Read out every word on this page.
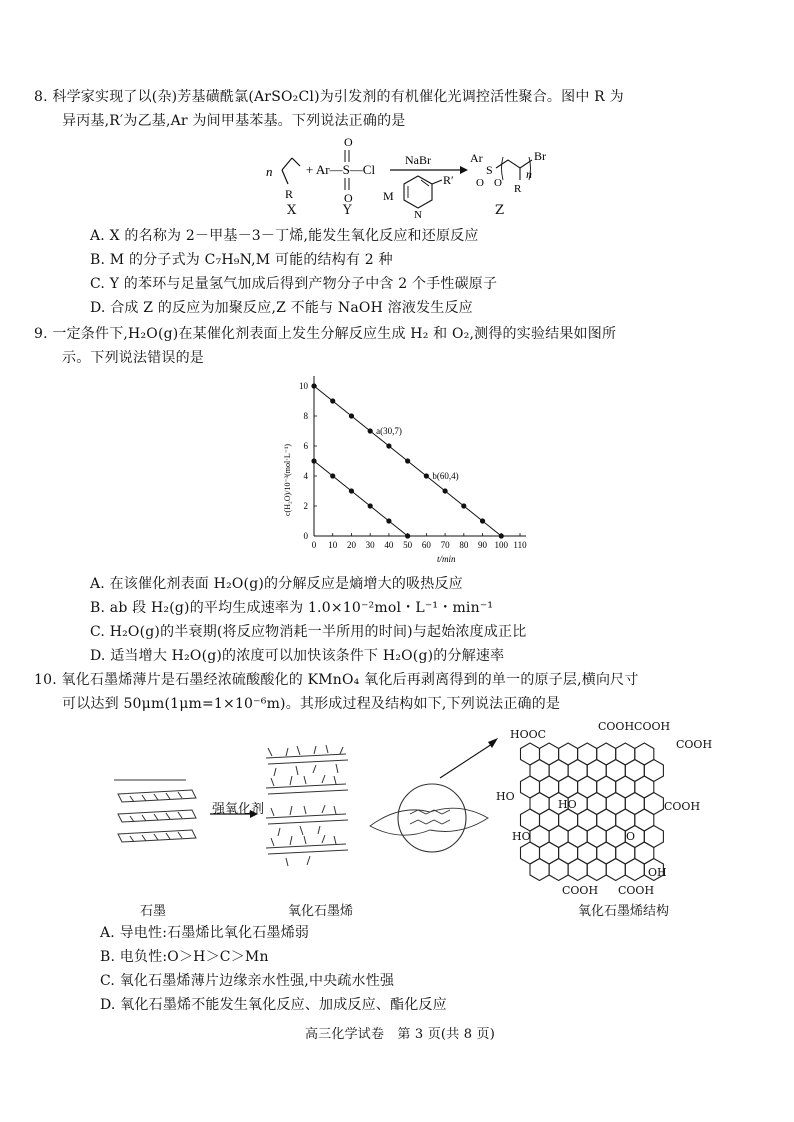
8. 科学家实现了以(杂)芳基磺酰氯(ArSO₂Cl)为引发剂的有机催化光调控活性聚合。图中 R 为
异丙基,R′为乙基,Ar 为间甲基苯基。下列说法正确的是
n
R
+ Ar—S—Cl
O
O
NaBr
N
R′
M
Ar
S
O O
n
Br
R
X	Y	Z
A. X 的名称为 2－甲基－3－丁烯,能发生氧化反应和还原反应
B. M 的分子式为 C₇H₉N,M 可能的结构有 2 种
C. Y 的苯环与足量氢气加成后得到产物分子中含 2 个手性碳原子
D. 合成 Z 的反应为加聚反应,Z 不能与 NaOH 溶液发生反应
9. 一定条件下,H₂O(g)在某催化剂表面上发生分解反应生成 H₂ 和 O₂,测得的实验结果如图所
示。下列说法错误的是
0 10 20 30 40 50 60 70 80 90 100 110
0
2
4
6
8
10
t/min
c(H₂O)/10⁻³(mol·L⁻¹)
a(30,7)
b(60,4)
A. 在该催化剂表面 H₂O(g)的分解反应是熵增大的吸热反应
B. ab 段 H₂(g)的平均生成速率为 1.0×10⁻²mol・L⁻¹・min⁻¹
C. H₂O(g)的半衰期(将反应物消耗一半所用的时间)与起始浓度成正比
D. 适当增大 H₂O(g)的浓度可以加快该条件下 H₂O(g)的分解速率
10. 氧化石墨烯薄片是石墨经浓硫酸酸化的 KMnO₄ 氧化后再剥离得到的单一的原子层,横向尺寸
可以达到 50μm(1μm=1×10⁻⁶m)。其形成过程及结构如下,下列说法正确的是
HOOC
COOHCOOH
COOH
HO
HO	COOH
O
HO
OH
COOH COOH
石墨
强氧化剂
氧化石墨烯	氧化石墨烯结构
A. 导电性:石墨烯比氧化石墨烯弱
B. 电负性:O＞H＞C＞Mn
C. 氧化石墨烯薄片边缘亲水性强,中央疏水性强
D. 氧化石墨烯不能发生氧化反应、加成反应、酯化反应
高三化学试卷　第 3 页(共 8 页)
